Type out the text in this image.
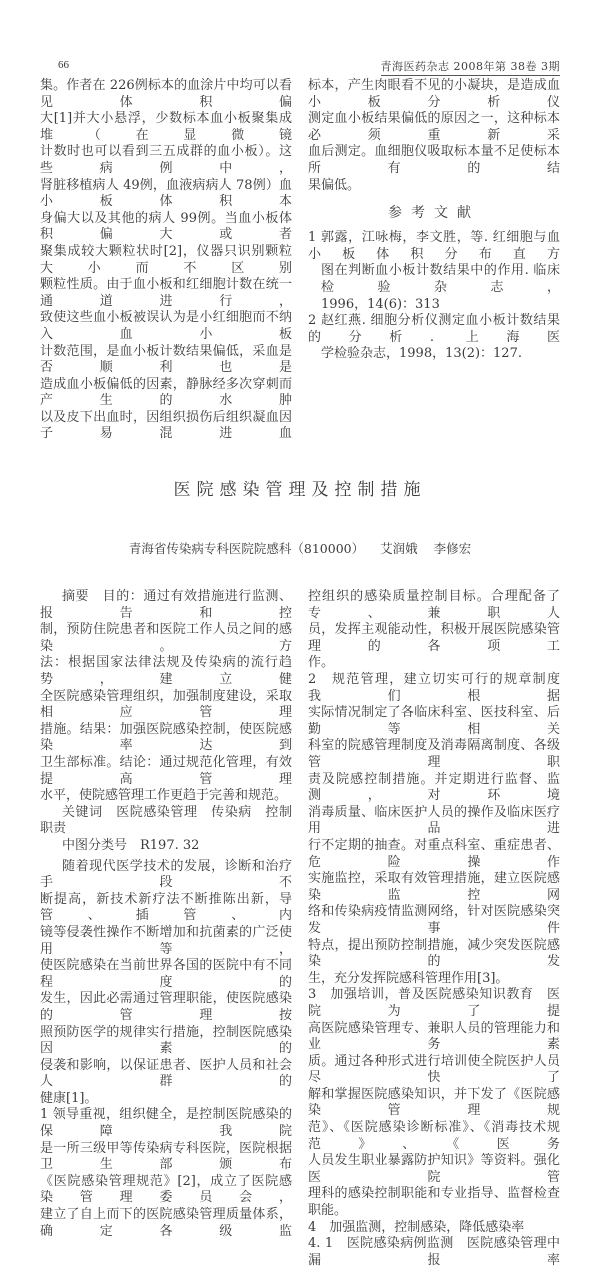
66	青海医药杂志 2008年第 38卷 3期
集。作者在 226例标本的血涂片中均可以看见体积偏
大[1]并大小悬浮，少数标本血小板聚集成堆（在显微镜
计数时也可以看到三五成群的血小板）。这些病例中，
肾脏移植病人 49例，血液病病人 78例）血小板体积本
身偏大以及其他的病人 99例。当血小板体积偏大或者
聚集成较大颗粒状时[2]，仪器只识别颗粒大小而不区别
颗粒性质。由于血小板和红细胞计数在统一通道进行，
致使这些血小板被误认为是小红细胞而不纳入血小板
计数范围，是血小板计数结果偏低，采血是否顺利也是
造成血小板偏低的因素，静脉经多次穿刺而产生的水肿
以及皮下出血时，因组织损伤后组织凝血因子易混进血
标本，产生肉眼看不见的小凝块，是造成血小板分析仪
测定血小板结果偏低的原因之一，这种标本必须重新采
血后测定。血细胞仪吸取标本量不足使标本所有的结
果偏低。
参考文献
1 郭露，江咏梅，李文胜，等. 红细胞与血小板体积分布直方
图在判断血小板计数结果中的作用. 临床检验杂志，
1996，14(6)：313
2 赵红燕. 细胞分析仪测定血小板计数结果的分析. 上海医
学检验杂志，1998，13(2)：127.
医院感染管理及控制措施
青海省传染病专科医院院感科（810000） 艾润娥 李修宏
摘要　目的：通过有效措施进行监测、报告和控
制，预防住院患者和医院工作人员之间的感染。方
法：根据国家法律法规及传染病的流行趋势，建立健
全医院感染管理组织，加强制度建设，采取相应管理
措施。结果：加强医院感染控制，使医院感染率达到
卫生部标准。结论：通过规范化管理，有效提高管理
水平，使院感管理工作更趋于完善和规范。
关键词　医院感染管理　传染病　控制　职责
中图分类号　R197. 32
随着现代医学技术的发展，诊断和治疗手段不
断提高，新技术新疗法不断推陈出新，导管、插管、内
镜等侵袭性操作不断增加和抗菌素的广泛使用等，
使医院感染在当前世界各国的医院中有不同程度的
发生，因此必需通过管理职能，使医院感染的管理按
照预防医学的规律实行措施，控制医院感染因素的
侵袭和影响，以保证患者、医护人员和社会人群的
健康[1]。
1 领导重视，组织健全，是控制医院感染的保障　我院
是一所三级甲等传染病专科医院，医院根据卫生部颁布
《医院感染管理规范》[2]，成立了医院感染管理委员会，
建立了自上而下的医院感染管理质量体系，确定各级监
控组织的感染质量控制目标。合理配备了专、兼职人
员，发挥主观能动性，积极开展医院感染管理的各项工
作。
2　规范管理，建立切实可行的规章制度　我们根据
实际情况制定了各临床科室、医技科室、后勤等相关
科室的院感管理制度及消毒隔离制度、各级管理职
责及院感控制措施。并定期进行监督、监测，对环境
消毒质量、临床医护人员的操作及临床医疗用品进
行不定期的抽查。对重点科室、重症患者、危险操作
实施监控，采取有效管理措施，建立医院感染监控网
络和传染病疫情监测网络，针对医院感染突发事件
特点，提出预防控制措施，减少突发医院感染的发
生，充分发挥院感科管理作用[3]。
3　加强培训，普及医院感染知识教育　医院为了提
高医院感染管理专、兼职人员的管理能力和业务素
质。通过各种形式进行培训使全院医护人员尽快了
解和掌握医院感染知识，并下发了《医院感染管理规
范》、《医院感染诊断标准》、《消毒技术规范》、《医务
人员发生职业暴露防护知识》等资料。强化医院管
理科的感染控制职能和专业指导、监督检查职能。
4　加强监测，控制感染，降低感染率
4. 1　医院感染病例监测　医院感染管理中漏报率
